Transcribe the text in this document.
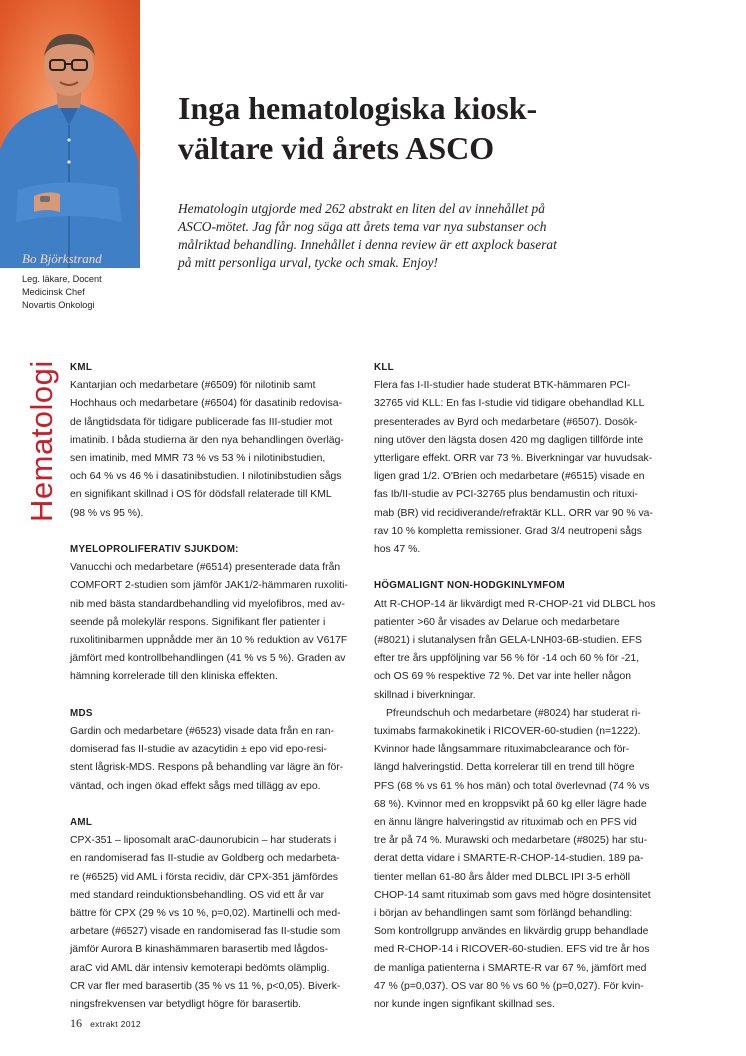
Bo Björkstrand
Leg. läkare, Docent
Medicinsk Chef
Novartis Onkologi
Inga hematologiska kiosk-
vältare vid årets ASCO

Hematologin utgjorde med 262 abstrakt en liten del av innehållet på
ASCO-mötet. Jag får nog säga att årets tema var nya substanser och
målriktad behandling. Innehållet i denna review är ett axplock baserat
på mitt personliga urval, tycke och smak. Enjoy!

Hematologi KML
Kantarjian och medarbetare (#6509) för nilotinib samt
Hochhaus och medarbetare (#6504) för dasatinib redovisa-
de långtidsdata för tidigare publicerade fas III-studier mot
imatinib. I båda studierna är den nya behandlingen överläg-
sen imatinib, med MMR 73 % vs 53 % i nilotinibstudien,
och 64 % vs 46 % i dasatinibstudien. I nilotinibstudien sågs
en signifikant skillnad i OS för dödsfall relaterade till KML
(98 % vs 95 %).
MYELOPROLIFERATIV SJUKDOM:
Vanucchi och medarbetare (#6514) presenterade data från
COMFORT 2-studien som jämför JAK1/2-hämmaren ruxoliti-
nib med bästa standardbehandling vid myelofibros, med av-
seende på molekylär respons. Signifikant fler patienter i
ruxolitinibarmen uppnådde mer än 10 % reduktion av V617F
jämfört med kontrollbehandlingen (41 % vs 5 %). Graden av
hämning korrelerade till den kliniska effekten.
MDS
Gardin och medarbetare (#6523) visade data från en ran-
domiserad fas II-studie av azacytidin ± epo vid epo-resi-
stent lågrisk-MDS. Respons på behandling var lägre än för-
väntad, och ingen ökad effekt sågs med tillägg av epo.
AML
CPX-351 – liposomalt araC-daunorubicin – har studerats i
en randomiserad fas II-studie av Goldberg och medarbeta-
re (#6525) vid AML i första recidiv, där CPX-351 jämfördes
med standard reinduktionsbehandling. OS vid ett år var
bättre för CPX (29 % vs 10 %, p=0,02). Martinelli och med-
arbetare (#6527) visade en randomiserad fas II-studie som
jämför Aurora B kinashämmaren barasertib med lågdos-
araC vid AML där intensiv kemoterapi bedömts olämplig.
CR var fler med barasertib (35 % vs 11 %, p<0,05). Biverk-
ningsfrekvensen var betydligt högre för barasertib.
KLL
Flera fas I-II-studier hade studerat BTK-hämmaren PCI-
32765 vid KLL: En fas I-studie vid tidigare obehandlad KLL
presenterades av Byrd och medarbetare (#6507). Dosök-
ning utöver den lägsta dosen 420 mg dagligen tillförde inte
ytterligare effekt. ORR var 73 %. Biverkningar var huvudsak-
ligen grad 1/2. O'Brien och medarbetare (#6515) visade en
fas Ib/II-studie av PCI-32765 plus bendamustin och rituxi-
mab (BR) vid recidiverande/refraktär KLL. ORR var 90 % va-
rav 10 % kompletta remissioner. Grad 3/4 neutropeni sågs
hos 47 %.
HÖGMALIGNT NON-HODGKINLYMFOM
Att R-CHOP-14 är likvärdigt med R-CHOP-21 vid DLBCL hos
patienter >60 år visades av Delarue och medarbetare
(#8021) i slutanalysen från GELA-LNH03-6B-studien. EFS
efter tre års uppföljning var 56 % för -14 och 60 % för -21,
och OS 69 % respektive 72 %. Det var inte heller någon
skillnad i biverkningar.
Pfreundschuh och medarbetare (#8024) har studerat ri-
tuximabs farmakokinetik i RICOVER-60-studien (n=1222).
Kvinnor hade långsammare rituximabclearance och för-
längd halveringstid. Detta korrelerar till en trend till högre
PFS (68 % vs 61 % hos män) och total överlevnad (74 % vs
68 %). Kvinnor med en kroppsvikt på 60 kg eller lägre hade
en ännu längre halveringstid av rituximab och en PFS vid
tre år på 74 %. Murawski och medarbetare (#8025) har stu-
derat detta vidare i SMARTE-R-CHOP-14-studien. 189 pa-
tienter mellan 61-80 års ålder med DLBCL IPI 3-5 erhöll
CHOP-14 samt rituximab som gavs med högre dosintensitet
i början av behandlingen samt som förlängd behandling:
Som kontrollgrupp användes en likvärdig grupp behandlade
med R-CHOP-14 i RICOVER-60-studien. EFS vid tre år hos
de manliga patienterna i SMARTE-R var 67 %, jämfört med
47 % (p=0,037). OS var 80 % vs 60 % (p=0,027). För kvin-
nor kunde ingen signfikant skillnad ses.
16 extrakt 2012
